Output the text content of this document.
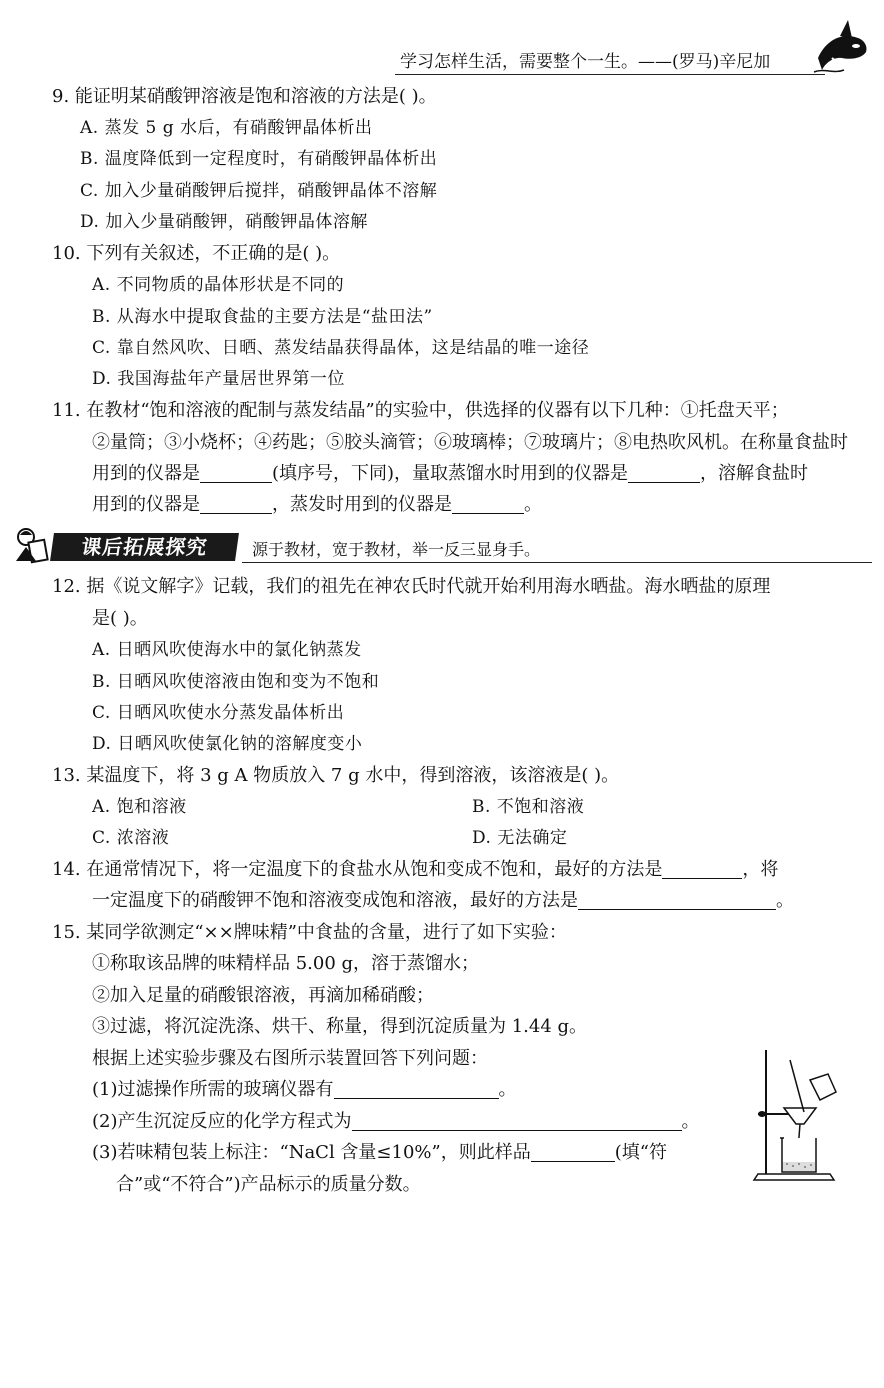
学习怎样生活，需要整个一生。——(罗马)辛尼加
9. 能证明某硝酸钾溶液是饱和溶液的方法是( )。
A. 蒸发 5 g 水后，有硝酸钾晶体析出
B. 温度降低到一定程度时，有硝酸钾晶体析出
C. 加入少量硝酸钾后搅拌，硝酸钾晶体不溶解
D. 加入少量硝酸钾，硝酸钾晶体溶解
10. 下列有关叙述，不正确的是( )。
A. 不同物质的晶体形状是不同的
B. 从海水中提取食盐的主要方法是“盐田法”
C. 靠自然风吹、日晒、蒸发结晶获得晶体，这是结晶的唯一途径
D. 我国海盐年产量居世界第一位
11. 在教材“饱和溶液的配制与蒸发结晶”的实验中，供选择的仪器有以下几种：①托盘天平；
②量筒；③小烧杯；④药匙；⑤胶头滴管；⑥玻璃棒；⑦玻璃片；⑧电热吹风机。在称量食盐时
用到的仪器是	(填序号，下同)，量取蒸馏水时用到的仪器是	，溶解食盐时
用到的仪器是	，蒸发时用到的仪器是	。
课后拓展探究	源于教材，宽于教材，举一反三显身手。
12. 据《说文解字》记载，我们的祖先在神农氏时代就开始利用海水晒盐。海水晒盐的原理
是( )。
A. 日晒风吹使海水中的氯化钠蒸发
B. 日晒风吹使溶液由饱和变为不饱和
C. 日晒风吹使水分蒸发晶体析出
D. 日晒风吹使氯化钠的溶解度变小
13. 某温度下，将 3 g A 物质放入 7 g 水中，得到溶液，该溶液是( )。
A. 饱和溶液	B. 不饱和溶液
C. 浓溶液	D. 无法确定
14. 在通常情况下，将一定温度下的食盐水从饱和变成不饱和，最好的方法是	，将
一定温度下的硝酸钾不饱和溶液变成饱和溶液，最好的方法是	。
15. 某同学欲测定“××牌味精”中食盐的含量，进行了如下实验：
①称取该品牌的味精样品 5.00 g，溶于蒸馏水；
②加入足量的硝酸银溶液，再滴加稀硝酸；
③过滤，将沉淀洗涤、烘干、称量，得到沉淀质量为 1.44 g。
根据上述实验步骤及右图所示装置回答下列问题：
(1)过滤操作所需的玻璃仪器有	。
(2)产生沉淀反应的化学方程式为	。
(3)若味精包装上标注：“NaCl 含量≤10%”，则此样品	(填“符
合”或“不符合”)产品标示的质量分数。
